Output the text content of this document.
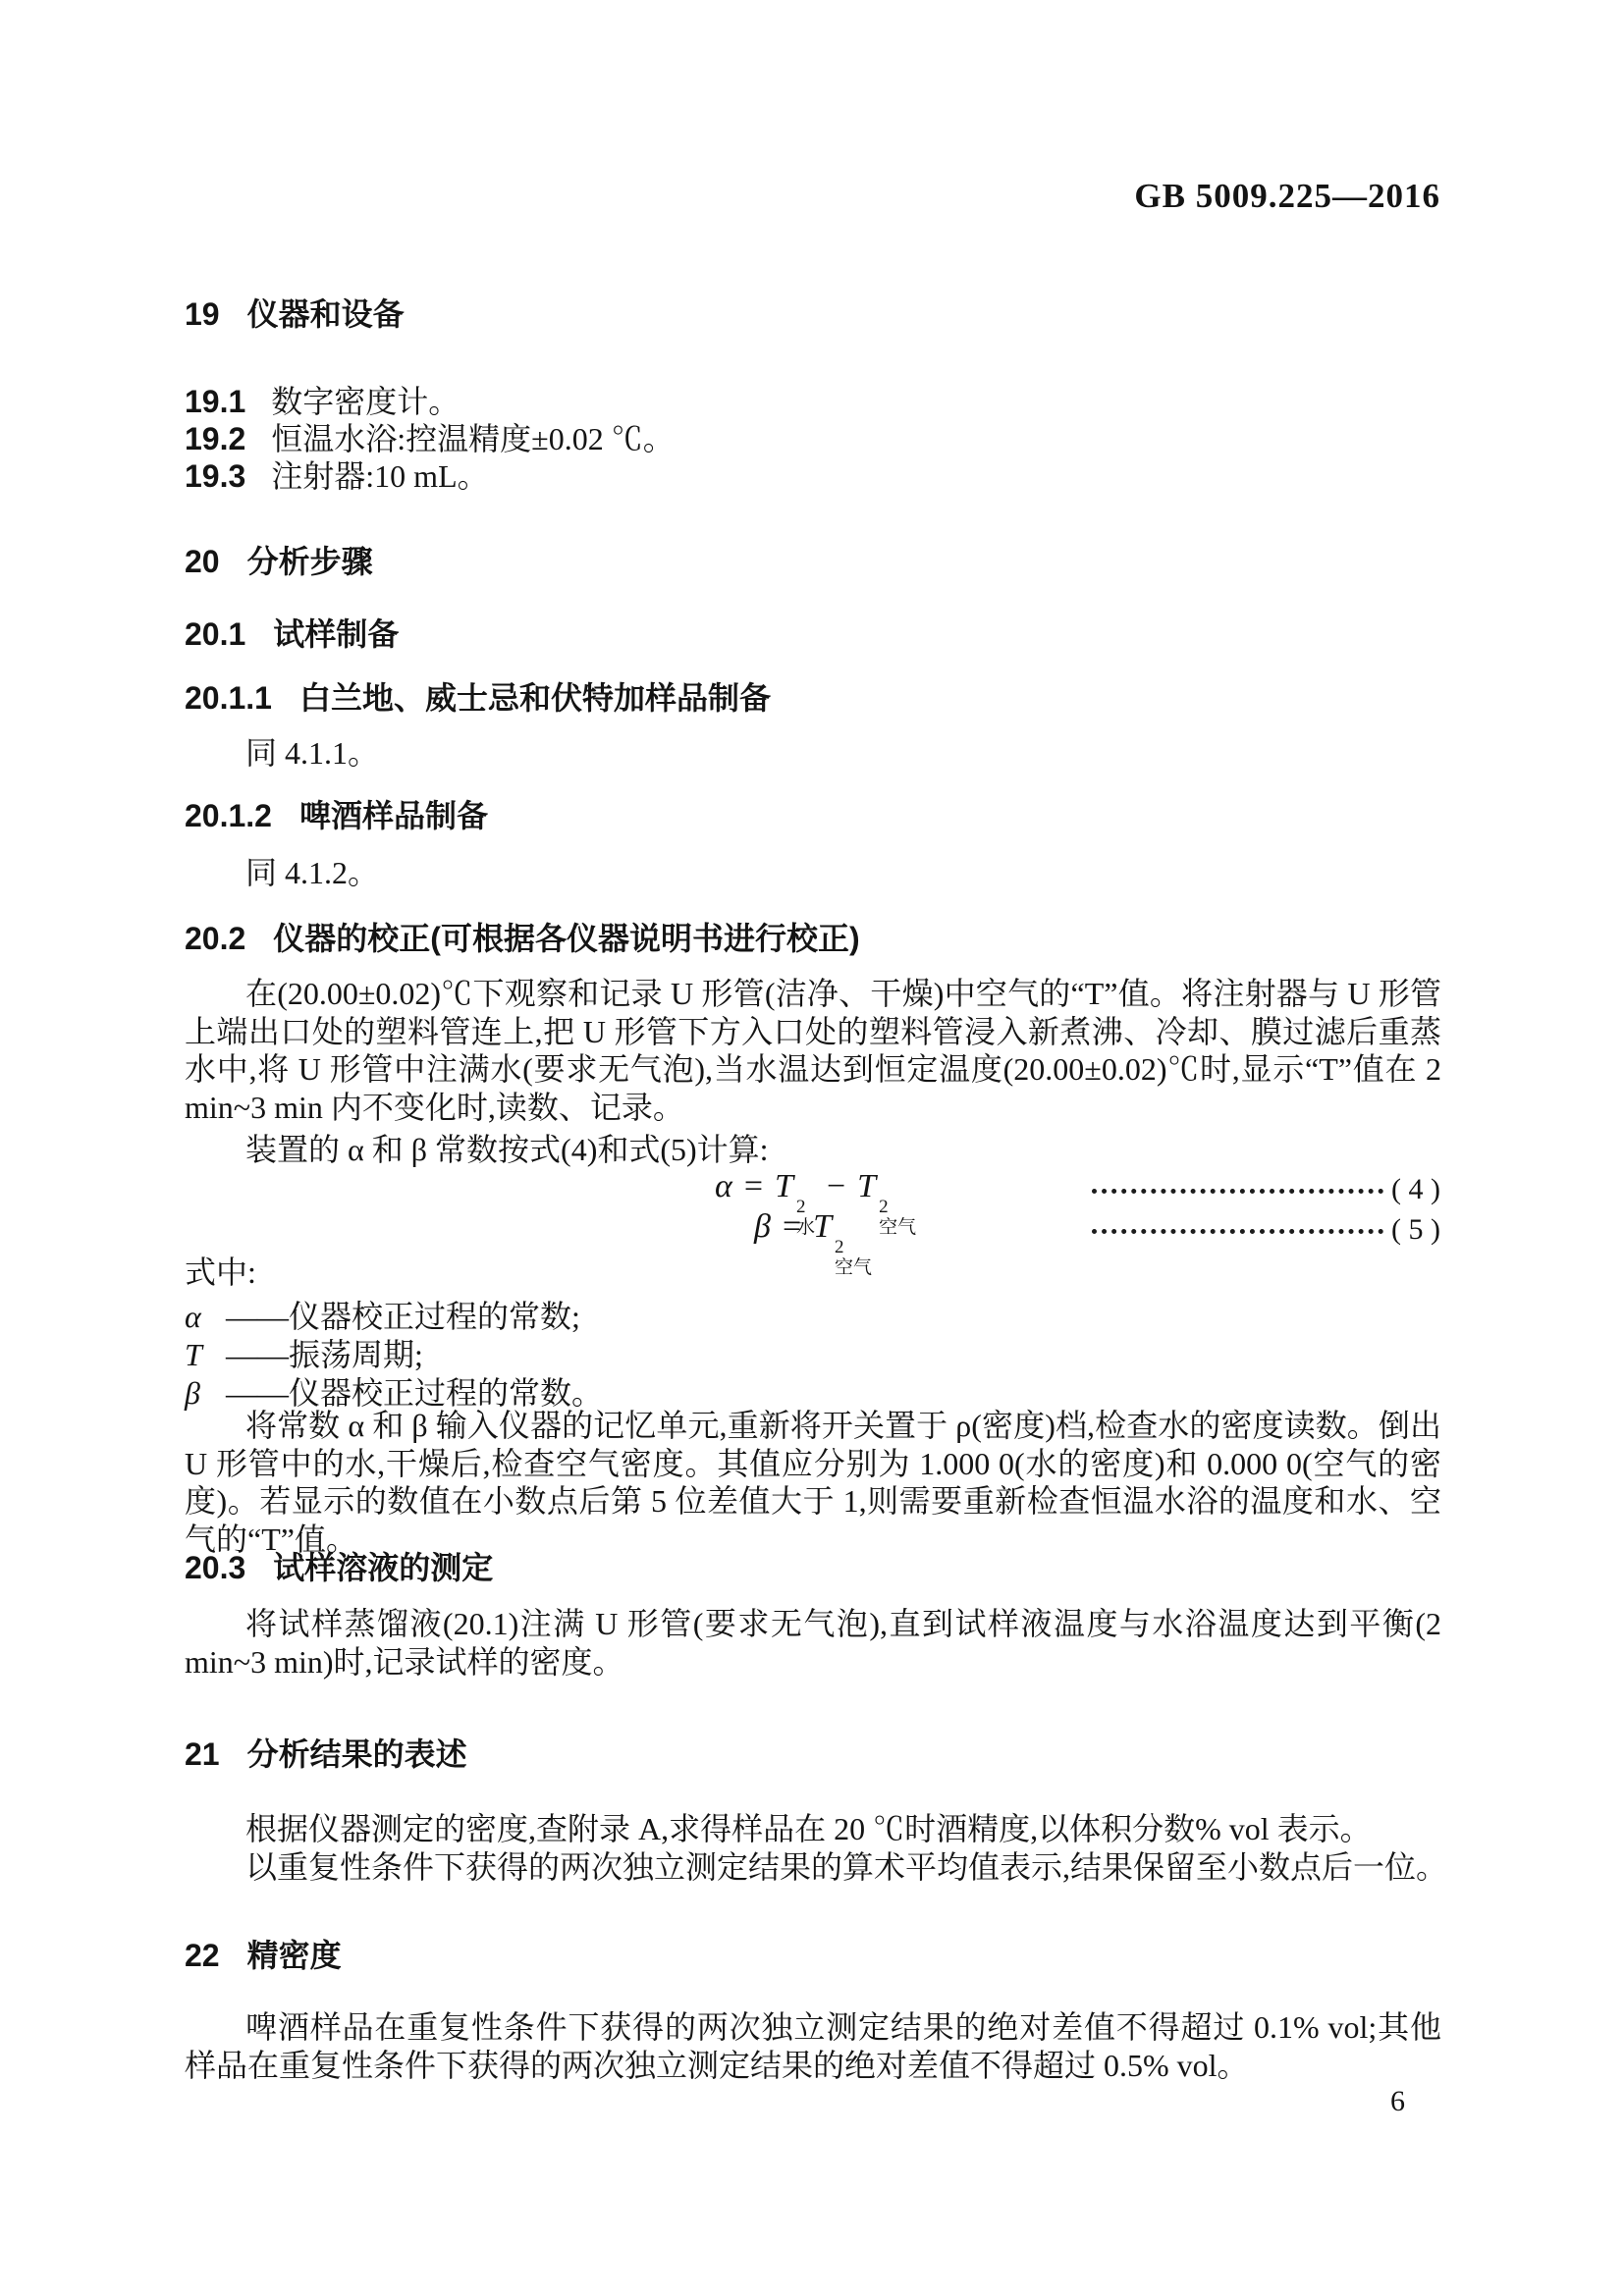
GB 5009.225—2016
19 仪器和设备
19.1 数字密度计。
19.2 恒温水浴:控温精度±0.02 ℃。
19.3 注射器:10 mL。
20 分析步骤
20.1 试样制备
20.1.1 白兰地、威士忌和伏特加样品制备
同 4.1.1。
20.1.2 啤酒样品制备
同 4.1.2。
20.2 仪器的校正(可根据各仪器说明书进行校正)
在(20.00±0.02)℃下观察和记录 U 形管(洁净、干燥)中空气的“T”值。将注射器与 U 形管上端出口处的塑料管连上,把 U 形管下方入口处的塑料管浸入新煮沸、冷却、膜过滤后重蒸水中,将 U 形管中注满水(要求无气泡),当水温达到恒定温度(20.00±0.02)℃时,显示“T”值在 2 min~3 min 内不变化时,读数、记录。
装置的 α 和 β 常数按式(4)和式(5)计算:
α = T
2
水
− T
2
空气
( 4 )
β = T
2
空气
( 5 )
式中:
α ——仪器校正过程的常数;
T ——振荡周期;
β ——仪器校正过程的常数。
将常数 α 和 β 输入仪器的记忆单元,重新将开关置于 ρ(密度)档,检查水的密度读数。倒出 U 形管中的水,干燥后,检查空气密度。其值应分别为 1.000 0(水的密度)和 0.000 0(空气的密度)。若显示的数值在小数点后第 5 位差值大于 1,则需要重新检查恒温水浴的温度和水、空气的“T”值。
20.3 试样溶液的测定
将试样蒸馏液(20.1)注满 U 形管(要求无气泡),直到试样液温度与水浴温度达到平衡(2 min~3 min)时,记录试样的密度。
21 分析结果的表述
根据仪器测定的密度,查附录 A,求得样品在 20 ℃时酒精度,以体积分数% vol 表示。
以重复性条件下获得的两次独立测定结果的算术平均值表示,结果保留至小数点后一位。
22 精密度
啤酒样品在重复性条件下获得的两次独立测定结果的绝对差值不得超过 0.1% vol;其他样品在重复性条件下获得的两次独立测定结果的绝对差值不得超过 0.5% vol。
6
